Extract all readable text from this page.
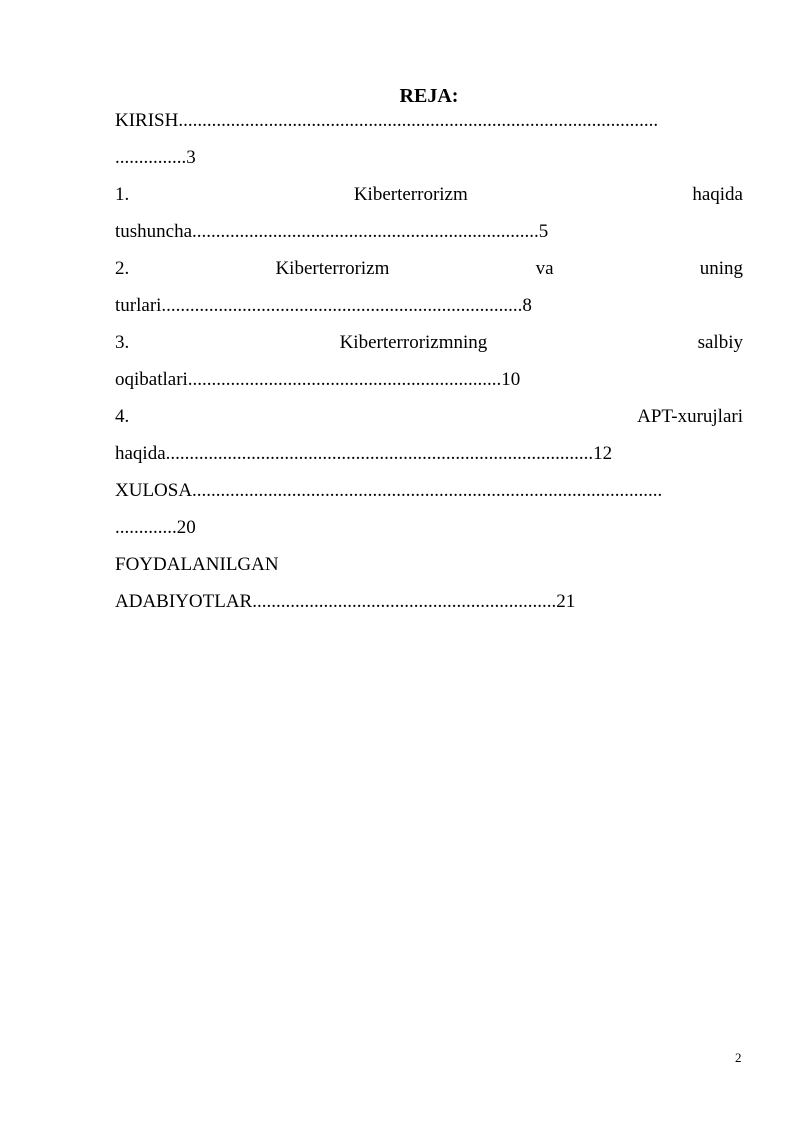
REJA:
KIRISH.....................................................................................................
...............3
1.	Kiberterrorizm	haqida
tushuncha.........................................................................5
2.	Kiberterrorizm	va	uning
turlari............................................................................8
3.	Kiberterrorizmning	salbiy
oqibatlari..................................................................10
4.	APT-xurujlari
haqida..........................................................................................12
XULOSA...................................................................................................
.............20
FOYDALANILGAN
ADABIYOTLAR................................................................21
2
